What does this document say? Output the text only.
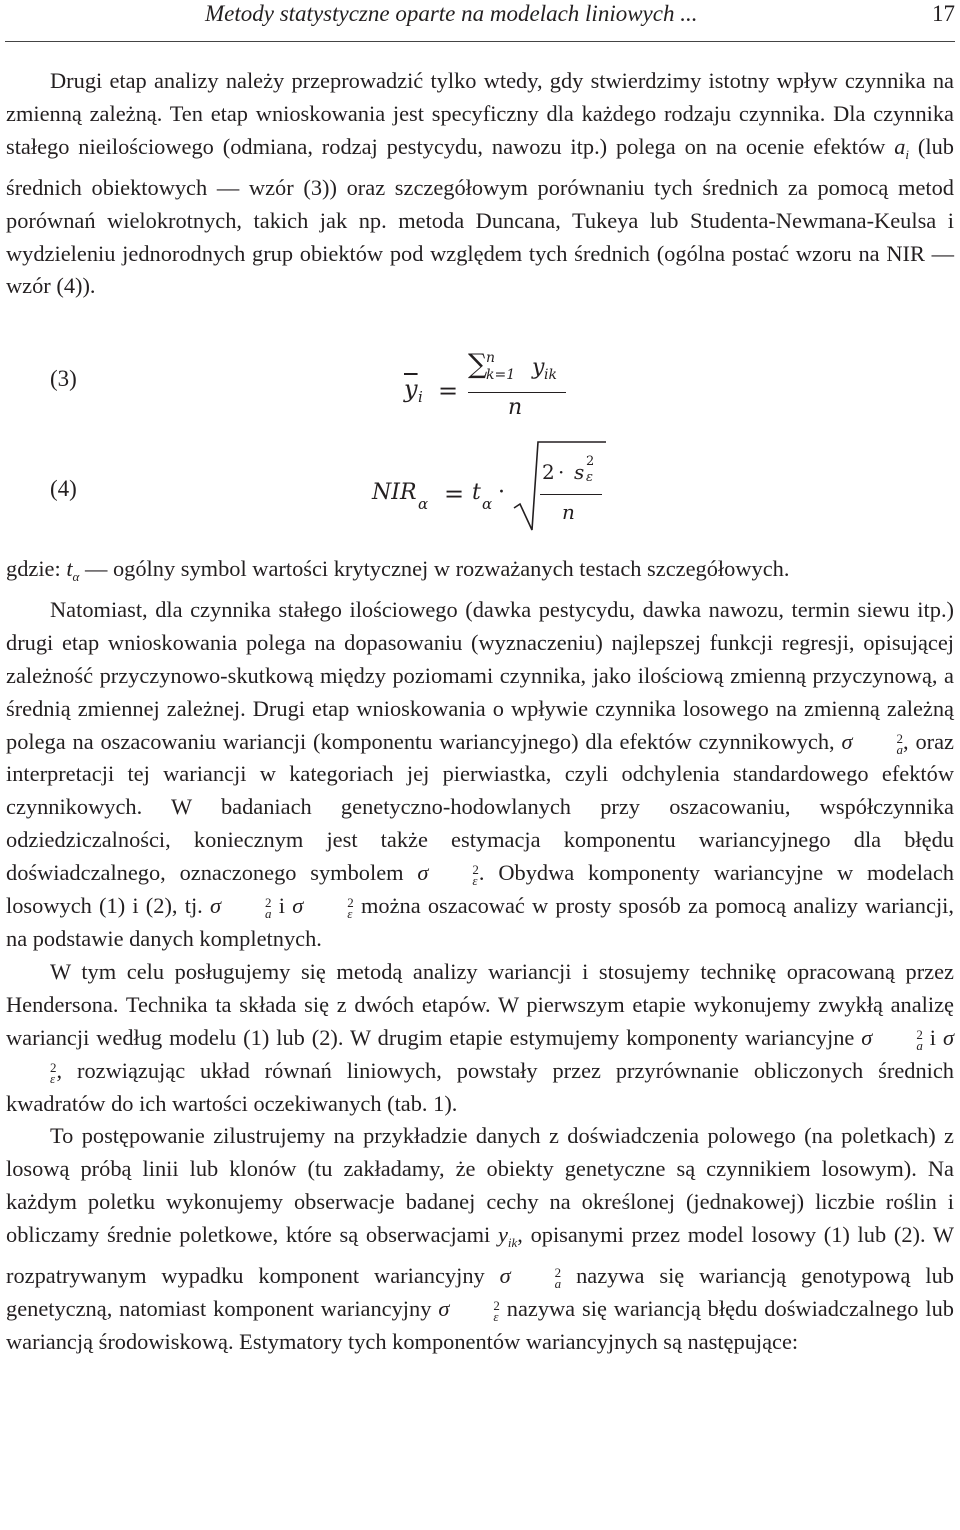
Metody statystyczne oparte na modelach liniowych ...	17

Drugi etap analizy należy przeprowadzić tylko wtedy, gdy stwierdzimy istotny wpływ czynnika na zmienną zależną. Ten etap wnioskowania jest specyficzny dla każdego rodzaju czynnika. Dla czynnika stałego nieilościowego (odmiana, rodzaj pestycydu, nawozu itp.) polega on na ocenie efektów $a_i$ (lub średnich obiektowych — wzór (3)) oraz szczegółowym porównaniu tych średnich za pomocą metod porównań wielokrotnych, takich jak np. metoda Duncana, Tukeya lub Studenta-Newmana-Keulsa i wydzieleniu jednorodnych grup obiektów pod względem tych średnich (ogólna postać wzoru na NIR — wzór (4)).

(3)	$\overline{y}$ i =
∑
n
k=1 y ik
n
(4)	NIR α = t α ·
2 · s 2
ε
n

gdzie: $t_\alpha$ — ogólny symbol wartości krytycznej w rozważanych testach szczegółowych.

Natomiast, dla czynnika stałego ilościowego (dawka pestycydu, dawka nawozu, termin siewu itp.) drugi etap wnioskowania polega na dopasowaniu (wyznaczeniu) najlepszej funkcji regresji, opisującej zależność przyczynowo-skutkową między poziomami czynnika, jako ilościową zmienną przyczynową, a średnią zmiennej zależnej. Drugi etap wnioskowania o wpływie czynnika losowego na zmienną zależną polega na oszacowaniu wariancji (komponentu wariancyjnego) dla efektów czynnikowych, σ	2
a , oraz interpretacji tej wariancji w kategoriach jej pierwiastka, czyli odchylenia standardowego efektów czynnikowych. W badaniach genetyczno-hodowlanych przy oszacowaniu, współczynnika odziedziczalności, koniecznym jest także estymacja komponentu wariancyjnego dla błędu doświadczalnego, oznaczonego symbolem σ	2
ε . Obydwa komponenty wariancyjne w modelach losowych (1) i (2), tj. σ	2
a i σ	2
ε można oszacować w prosty sposób za pomocą analizy wariancji, na podstawie danych kompletnych.

W tym celu posługujemy się metodą analizy wariancji i stosujemy technikę opracowaną przez Hendersona. Technika ta składa się z dwóch etapów. W pierwszym etapie wykonujemy zwykłą analizę wariancji według modelu (1) lub (2). W drugim etapie estymujemy komponenty wariancyjne σ	2
a i σ
2
ε , rozwiązując układ równań liniowych, powstały przez przyrównanie obliczonych średnich kwadratów do ich wartości oczekiwanych (tab. 1).

To postępowanie zilustrujemy na przykładzie danych z doświadczenia polowego (na poletkach) z losową próbą linii lub klonów (tu zakładamy, że obiekty genetyczne są czynnikiem losowym). Na każdym poletku wykonujemy obserwacje badanej cechy na określonej (jednakowej) liczbie roślin i obliczamy średnie poletkowe, które są obserwacjami $y_{ik}$, opisanymi przez model losowy (1) lub (2). W rozpatrywanym wypadku komponent wariancyjny σ	2
a nazywa się wariancją genotypową lub genetyczną, natomiast komponent wariancyjny σ	2
ε nazywa się wariancją błędu doświadczalnego lub wariancją środowiskową. Estymatory tych komponentów wariancyjnych są następujące:
